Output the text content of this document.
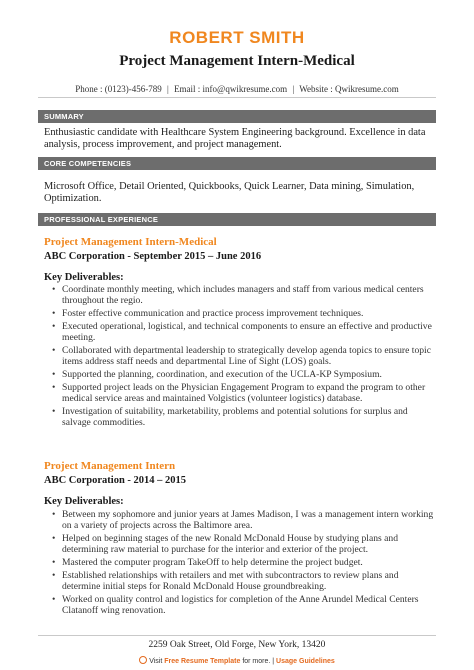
ROBERT SMITH
Project Management Intern-Medical
Phone : (0123)-456-789 | Email : info@qwikresume.com | Website : Qwikresume.com
SUMMARY
Enthusiastic candidate with Healthcare System Engineering background. Excellence in data analysis, process improvement, and project management.
CORE COMPETENCIES
Microsoft Office, Detail Oriented, Quickbooks, Quick Learner, Data mining, Simulation, Optimization.
PROFESSIONAL EXPERIENCE
Project Management Intern-Medical
ABC Corporation - September 2015 – June 2016
Key Deliverables:
• Coordinate monthly meeting, which includes managers and staff from various medical centers throughout the regio.
• Foster effective communication and practice process improvement techniques.
• Executed operational, logistical, and technical components to ensure an effective and productive meeting.
• Collaborated with departmental leadership to strategically develop agenda topics to ensure topic items address staff needs and departmental Line of Sight (LOS) goals.
• Supported the planning, coordination, and execution of the UCLA-KP Symposium.
• Supported project leads on the Physician Engagement Program to expand the program to other medical service areas and maintained Volgistics (volunteer logistics) database.
• Investigation of suitability, marketability, problems and potential solutions for surplus and salvage commodities.
Project Management Intern
ABC Corporation - 2014 – 2015
Key Deliverables:
• Between my sophomore and junior years at James Madison, I was a management intern working on a variety of projects across the Baltimore area.
• Helped on beginning stages of the new Ronald McDonald House by studying plans and determining raw material to purchase for the interior and exterior of the project.
• Mastered the computer program TakeOff to help determine the project budget.
• Established relationships with retailers and met with subcontractors to review plans and determine initial steps for Ronald McDonald House groundbreaking.
• Worked on quality control and logistics for completion of the Anne Arundel Medical Centers Clatanoff wing renovation.
2259 Oak Street, Old Forge, New York, 13420
Visit Free Resume Template for more. | Usage Guidelines
